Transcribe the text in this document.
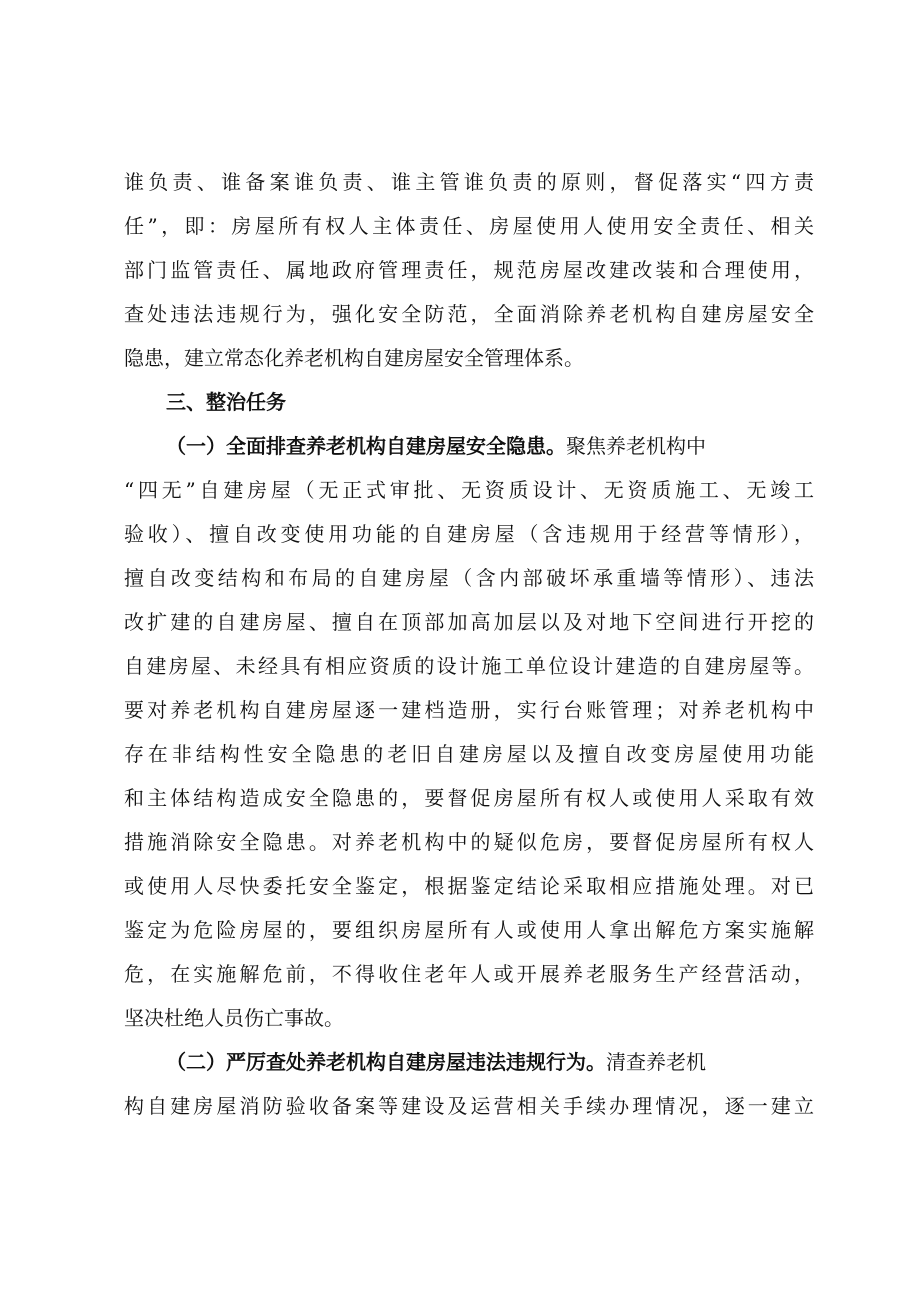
谁负责、谁备案谁负责、谁主管谁负责的原则，督促落实“四方责
任”，即：房屋所有权人主体责任、房屋使用人使用安全责任、相关
部门监管责任、属地政府管理责任，规范房屋改建改装和合理使用，
查处违法违规行为，强化安全防范，全面消除养老机构自建房屋安全
隐患，建立常态化养老机构自建房屋安全管理体系。
三、整治任务
（一）全面排查养老机构自建房屋安全隐患。聚焦养老机构中
“四无”自建房屋（无正式审批、无资质设计、无资质施工、无竣工
验收）、擅自改变使用功能的自建房屋（含违规用于经营等情形），
擅自改变结构和布局的自建房屋（含内部破坏承重墙等情形）、违法
改扩建的自建房屋、擅自在顶部加高加层以及对地下空间进行开挖的
自建房屋、未经具有相应资质的设计施工单位设计建造的自建房屋等。
要对养老机构自建房屋逐一建档造册，实行台账管理；对养老机构中
存在非结构性安全隐患的老旧自建房屋以及擅自改变房屋使用功能
和主体结构造成安全隐患的，要督促房屋所有权人或使用人采取有效
措施消除安全隐患。对养老机构中的疑似危房，要督促房屋所有权人
或使用人尽快委托安全鉴定，根据鉴定结论采取相应措施处理。对已
鉴定为危险房屋的，要组织房屋所有人或使用人拿出解危方案实施解
危，在实施解危前，不得收住老年人或开展养老服务生产经营活动，
坚决杜绝人员伤亡事故。
（二）严厉查处养老机构自建房屋违法违规行为。清查养老机
构自建房屋消防验收备案等建设及运营相关手续办理情况，逐一建立
